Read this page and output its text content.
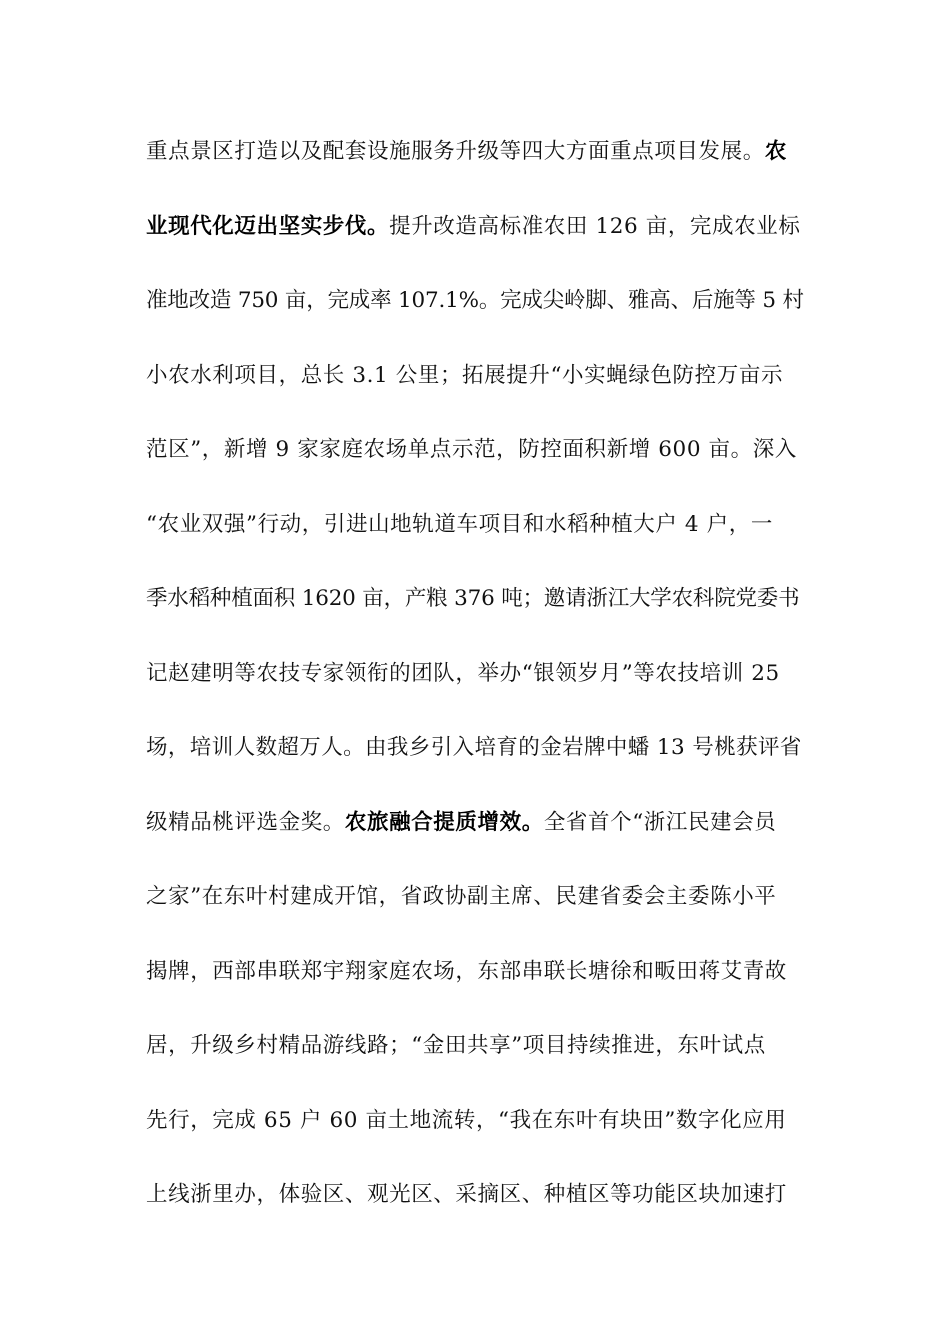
重点景区打造以及配套设施服务升级等四大方面重点项目发展。农
业现代化迈出坚实步伐。提升改造高标准农田 126 亩，完成农业标
准地改造 750 亩，完成率 107.1%。完成尖岭脚、雅高、后施等 5 村
小农水利项目，总长 3.1 公里；拓展提升“小实蝇绿色防控万亩示
范区”，新增 9 家家庭农场单点示范，防控面积新增 600 亩。深入
“农业双强”行动，引进山地轨道车项目和水稻种植大户 4 户，一
季水稻种植面积 1620 亩，产粮 376 吨；邀请浙江大学农科院党委书
记赵建明等农技专家领衔的团队，举办“银领岁月”等农技培训 25
场，培训人数超万人。由我乡引入培育的金岩牌中蟠 13 号桃获评省
级精品桃评选金奖。农旅融合提质增效。全省首个“浙江民建会员
之家”在东叶村建成开馆，省政协副主席、民建省委会主委陈小平
揭牌，西部串联郑宇翔家庭农场，东部串联长塘徐和畈田蒋艾青故
居，升级乡村精品游线路；“金田共享”项目持续推进，东叶试点
先行，完成 65 户 60 亩土地流转，“我在东叶有块田”数字化应用
上线浙里办，体验区、观光区、采摘区、种植区等功能区块加速打
